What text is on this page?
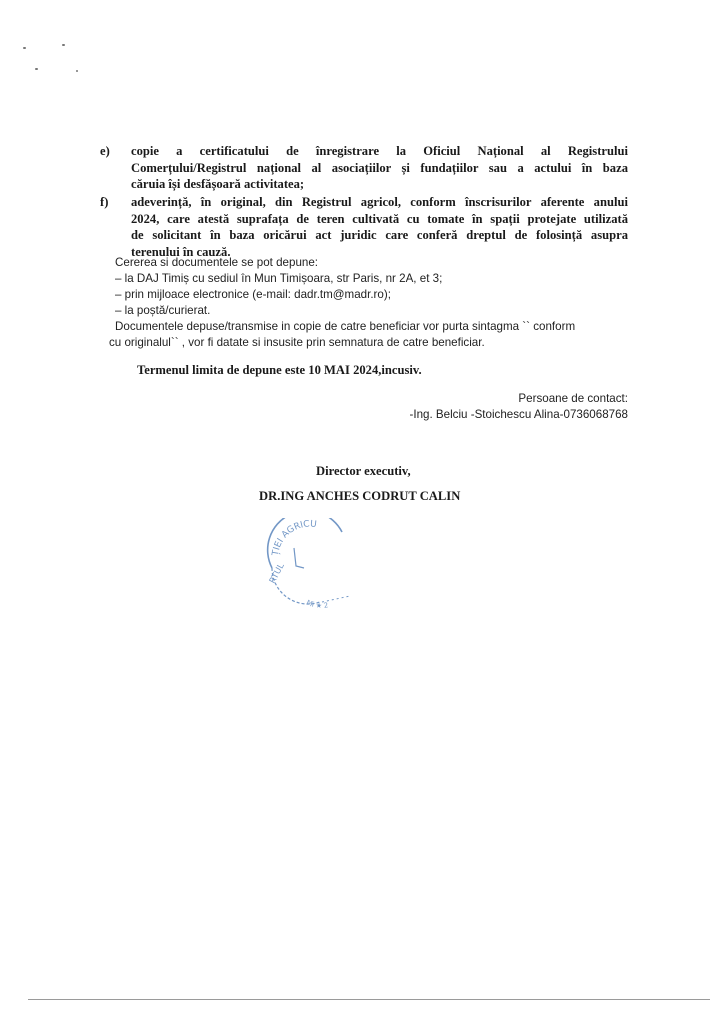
e) copie a certificatului de înregistrare la Oficiul Național al Registrului
Comerțului/Registrul național al asociațiilor și fundațiilor sau a actului în baza
căruia își desfășoară activitatea;
f) adeverință, în original, din Registrul agricol, conform înscrisurilor aferente anului
2024, care atestă suprafața de teren cultivată cu tomate în spații protejate utilizată
de solicitant în baza oricărui act juridic care conferă dreptul de folosință asupra
terenului în cauză.
Cererea si documentele se pot depune:
– la DAJ Timiș cu sediul în Mun Timișoara, str Paris, nr 2A, et 3;
– prin mijloace electronice (e-mail: dadr.tm@madr.ro);
– la poștă/curierat.
Documentele depuse/transmise in copie de catre beneficiar vor purta sintagma `` conform
cu originalul`` , vor fi datate si insusite prin semnatura de catre beneficiar.
Termenul limita de depune este 10 MAI 2024,incusiv.
Persoane de contact:
-Ing. Belciu -Stoichescu Alina-0736068768
Director executiv,
DR.ING ANCHES CODRUT CALIN
ȚIEI AGRICU
RTUL
Mi ★ 2
